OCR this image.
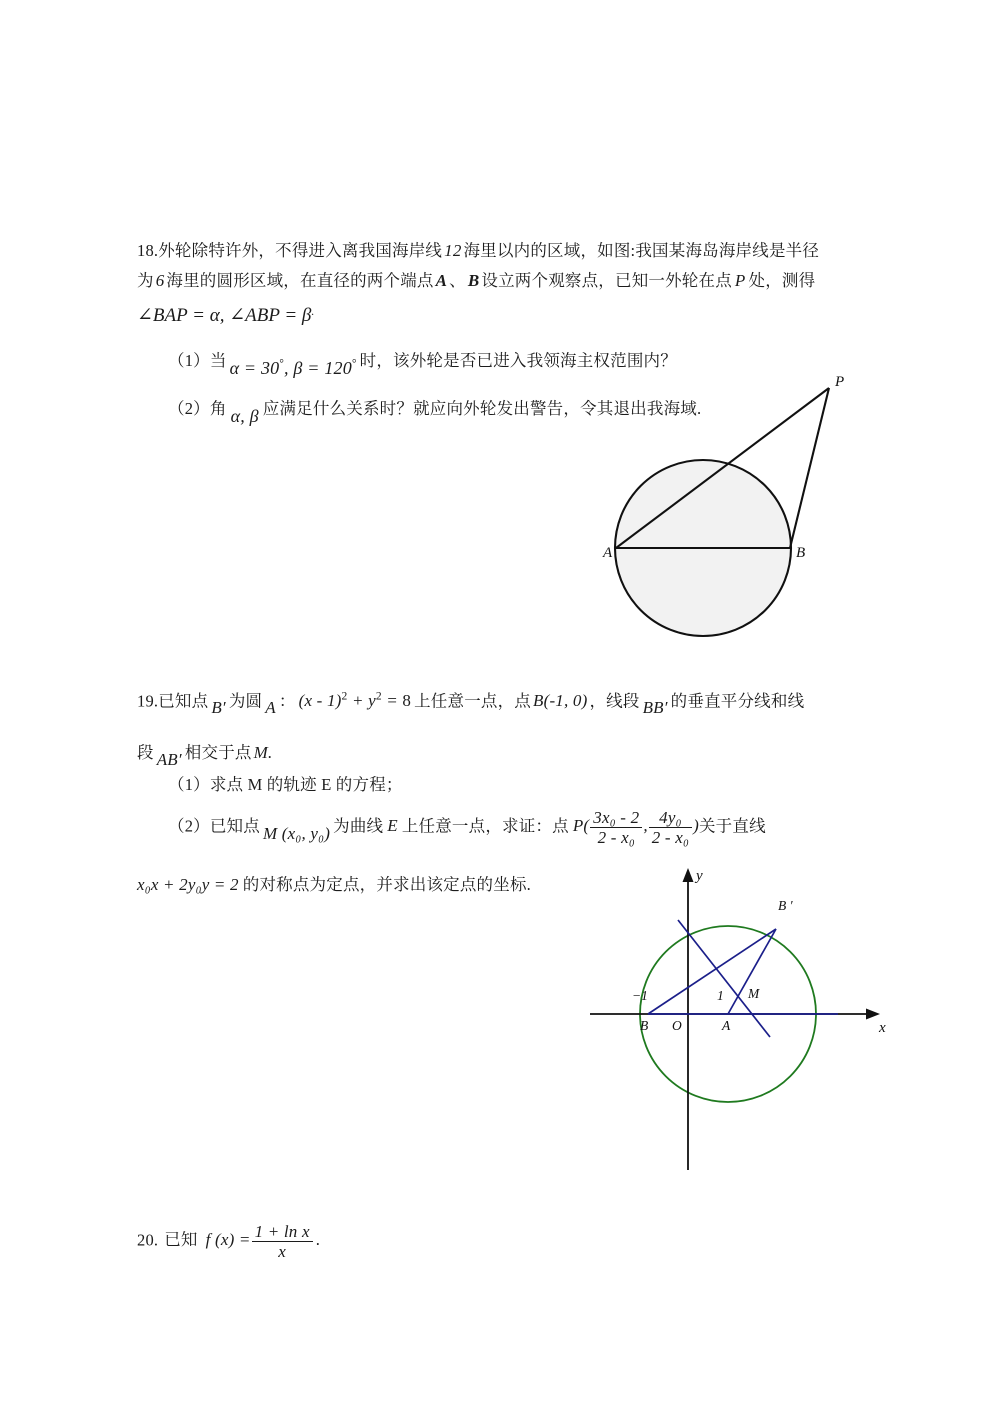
18.外轮除特许外，不得进入离我国海岸线 12 海里以内的区域，如图:我国某海岛海岸线是半径
为 6 海里的圆形区域，在直径的两个端点 A 、 B 设立两个观察点，已知一外轮在点 P 处，测得
∠BAP = α, ∠ABP = β.
（1）当 α = 30°, β = 120° 时，该外轮是否已进入我领海主权范围内？
（2）角 α, β 应满足什么关系时？就应向外轮发出警告，令其退出我海域.
P
A	B
19.已知点 B′ 为圆 A ： $(x - 1)^2 + y^2 = 8$ 上任意一点，点 B(-1, 0) ，线段 BB′ 的垂直平分线和线
段 AB′ 相交于点 M.
（1）求点 M 的轨迹 E 的方程；
（2）已知点 M (x₀, y₀) 为曲线 E 上任意一点，求证：点 $P( \frac{\text{3x₀ - 2}}{\text{2 - x₀}}$ , $\frac{\text{4y₀}}{\text{2 - x₀}}$ )关于直线
x₀x + 2y₀y = 2 的对称点为定点，并求出该定点的坐标.	y
x
O
−1	1
B	A
M
B ′
20. 已知 f $(x) = \frac{\text{1 + ln x}}{x}$ .
